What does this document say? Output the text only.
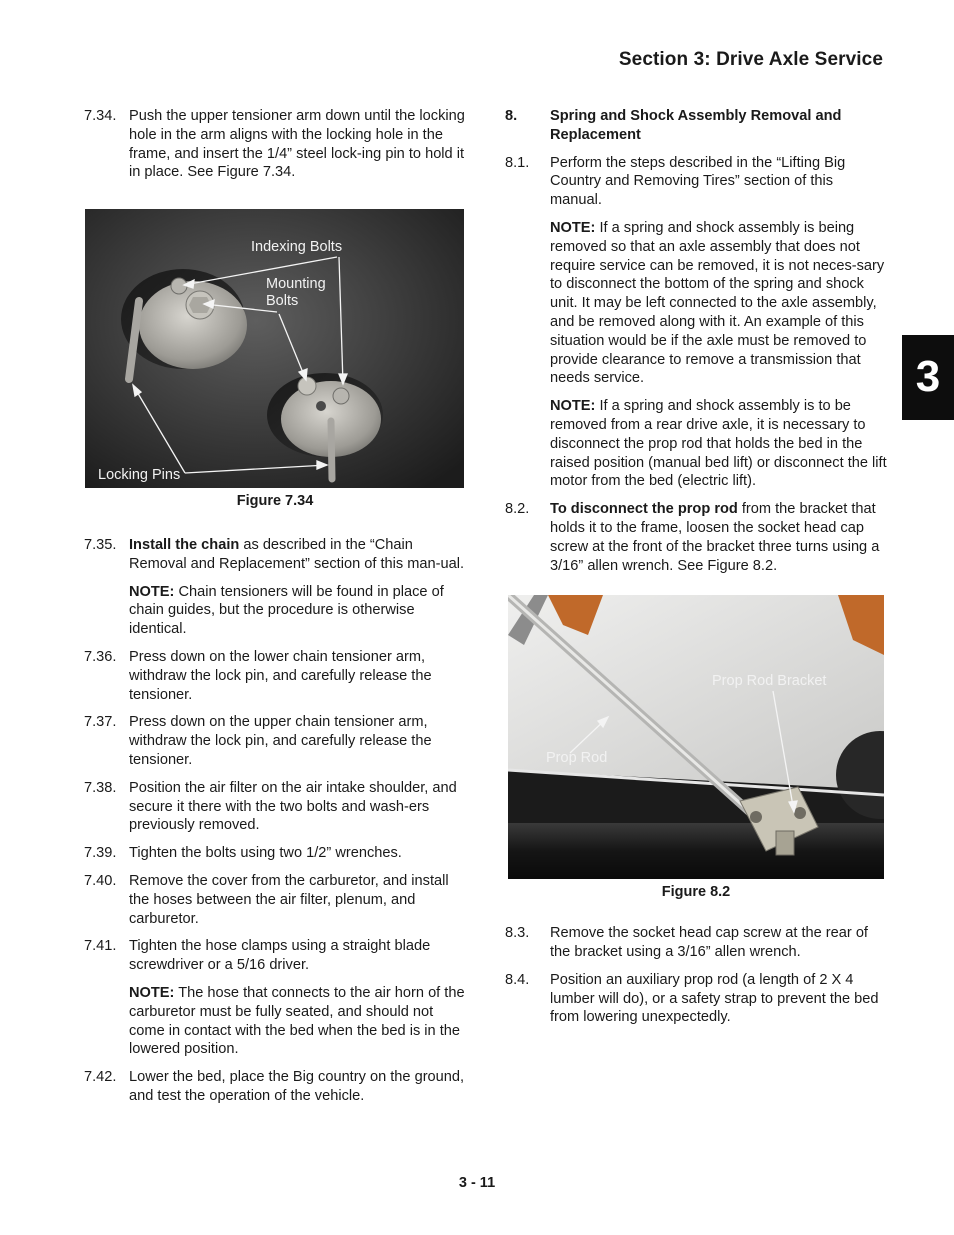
Section 3: Drive Axle Service
3
7.34. Push the upper tensioner arm down until the locking hole in the arm aligns with the locking hole in the frame, and insert the 1/4” steel lock-ing pin to hold it in place. See Figure 7.34.
Indexing Bolts
Mounting Bolts
Locking Pins
Figure 7.34
7.35. Install the chain as described in the “Chain Removal and Replacement” section of this man-ual.
NOTE: Chain tensioners will be found in place of chain guides, but the procedure is otherwise identical.
7.36. Press down on the lower chain tensioner arm, withdraw the lock pin, and carefully release the tensioner.
7.37. Press down on the upper chain tensioner arm, withdraw the lock pin, and carefully release the tensioner.
7.38. Position the air filter on the air intake shoulder, and secure it there with the two bolts and wash-ers previously removed.
7.39. Tighten the bolts using two 1/2” wrenches.
7.40. Remove the cover from the carburetor, and install the hoses between the air filter, plenum, and carburetor.
7.41. Tighten the hose clamps using a straight blade screwdriver or a 5/16 driver.
NOTE: The hose that connects to the air horn of the carburetor must be fully seated, and should not come in contact with the bed when the bed is in the lowered position.
7.42. Lower the bed, place the Big country on the ground, and test the operation of the vehicle.
8.	Spring and Shock Assembly Removal and Replacement
8.1.	Perform the steps described in the “Lifting Big Country and Removing Tires” section of this manual.
NOTE: If a spring and shock assembly is being removed so that an axle assembly that does not require service can be removed, it is not neces-sary to disconnect the bottom of the spring and shock unit. It may be left connected to the axle assembly, and be removed along with it. An example of this situation would be if the axle must be removed to provide clearance to remove a transmission that needs service.
NOTE: If a spring and shock assembly is to be removed from a rear drive axle, it is necessary to disconnect the prop rod that holds the bed in the raised position (manual bed lift) or disconnect the lift motor from the bed (electric lift).
8.2.	To disconnect the prop rod from the bracket that holds it to the frame, loosen the socket head cap screw at the front of the bracket three turns using a 3/16” allen wrench. See Figure 8.2.
Prop Rod Bracket
Prop Rod
Figure 8.2
8.3.	Remove the socket head cap screw at the rear of the bracket using a 3/16” allen wrench.
8.4.	Position an auxiliary prop rod (a length of 2 X 4 lumber will do), or a safety strap to prevent the bed from lowering unexpectedly.
3 - 11
